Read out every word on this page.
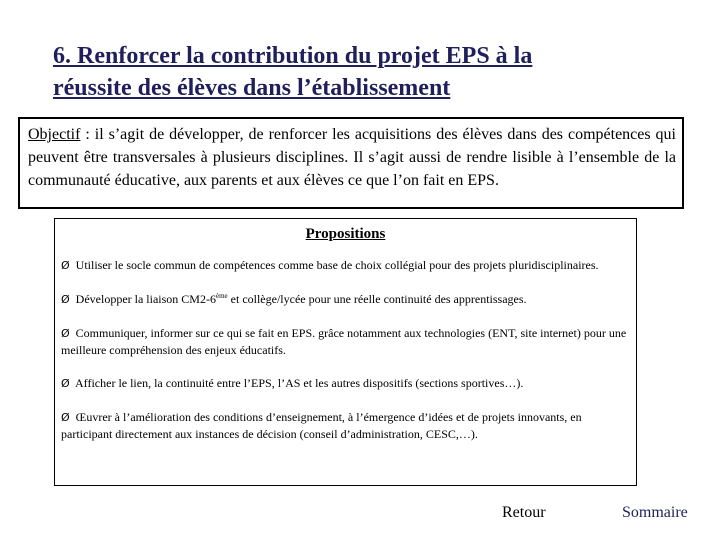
6. Renforcer la contribution du projet EPS à la
réussite des élèves dans l’établissement
Objectif : il s’agit de développer, de renforcer les acquisitions des élèves dans des compétences qui peuvent être transversales à plusieurs disciplines. Il s’agit aussi de rendre lisible à l’ensemble de la communauté éducative, aux parents et aux élèves ce que l’on fait en EPS.
Propositions

Ø Utiliser le socle commun de compétences comme base de choix collégial pour des projets pluridisciplinaires.

Ø Développer la liaison CM2-6ème et collège/lycée pour une réelle continuité des apprentissages.

Ø Communiquer, informer sur ce qui se fait en EPS. grâce notamment aux technologies (ENT, site internet) pour une meilleure compréhension des enjeux éducatifs.

Ø Afficher le lien, la continuité entre l’EPS, l’AS et les autres dispositifs (sections sportives…).

Ø Œuvrer à l’amélioration des conditions d’enseignement, à l’émergence d’idées et de projets innovants, en participant directement aux instances de décision (conseil d’administration, CESC,…).

Retour	Sommaire
